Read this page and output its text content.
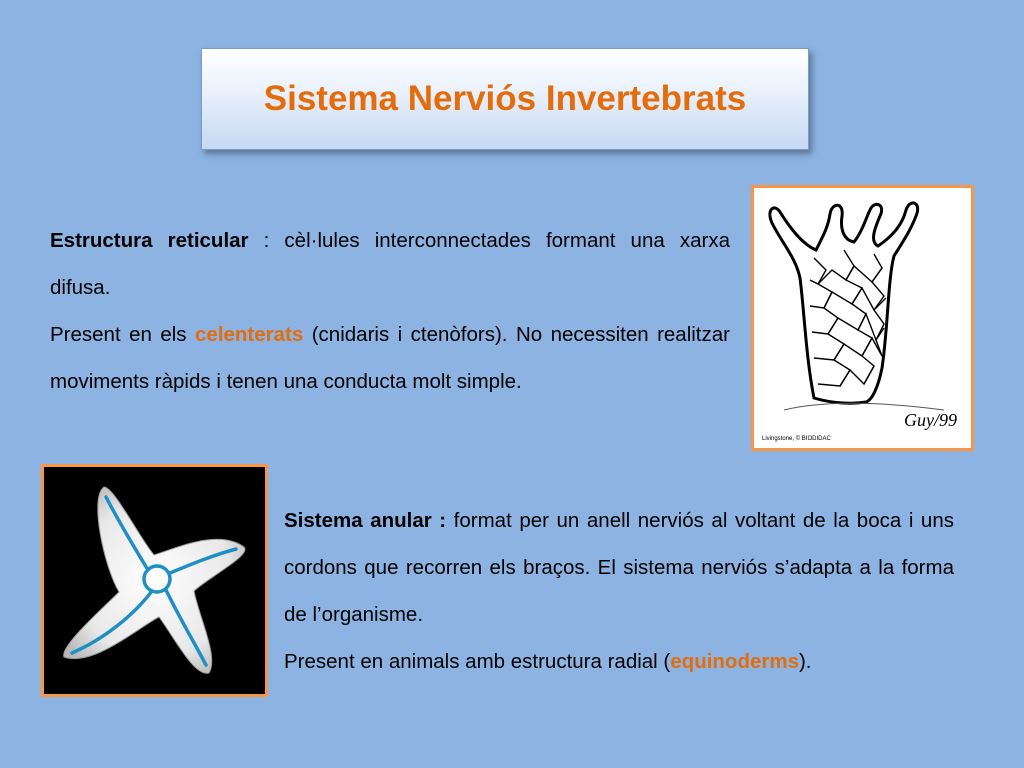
Sistema Nerviós Invertebrats

Estructura reticular : cèl·lules interconnectades formant una xarxa difusa.

Present en els celenterats (cnidaris i ctenòfors). No necessiten realitzar moviments ràpids i tenen una conducta molt simple.

Guy/99
Livingstone, © BIODIDAC

Sistema anular : format per un anell nerviós al voltant de la boca i uns cordons que recorren els braços. El sistema nerviós s’adapta a la forma de l’organisme.

Present en animals amb estructura radial (equinoderms).
